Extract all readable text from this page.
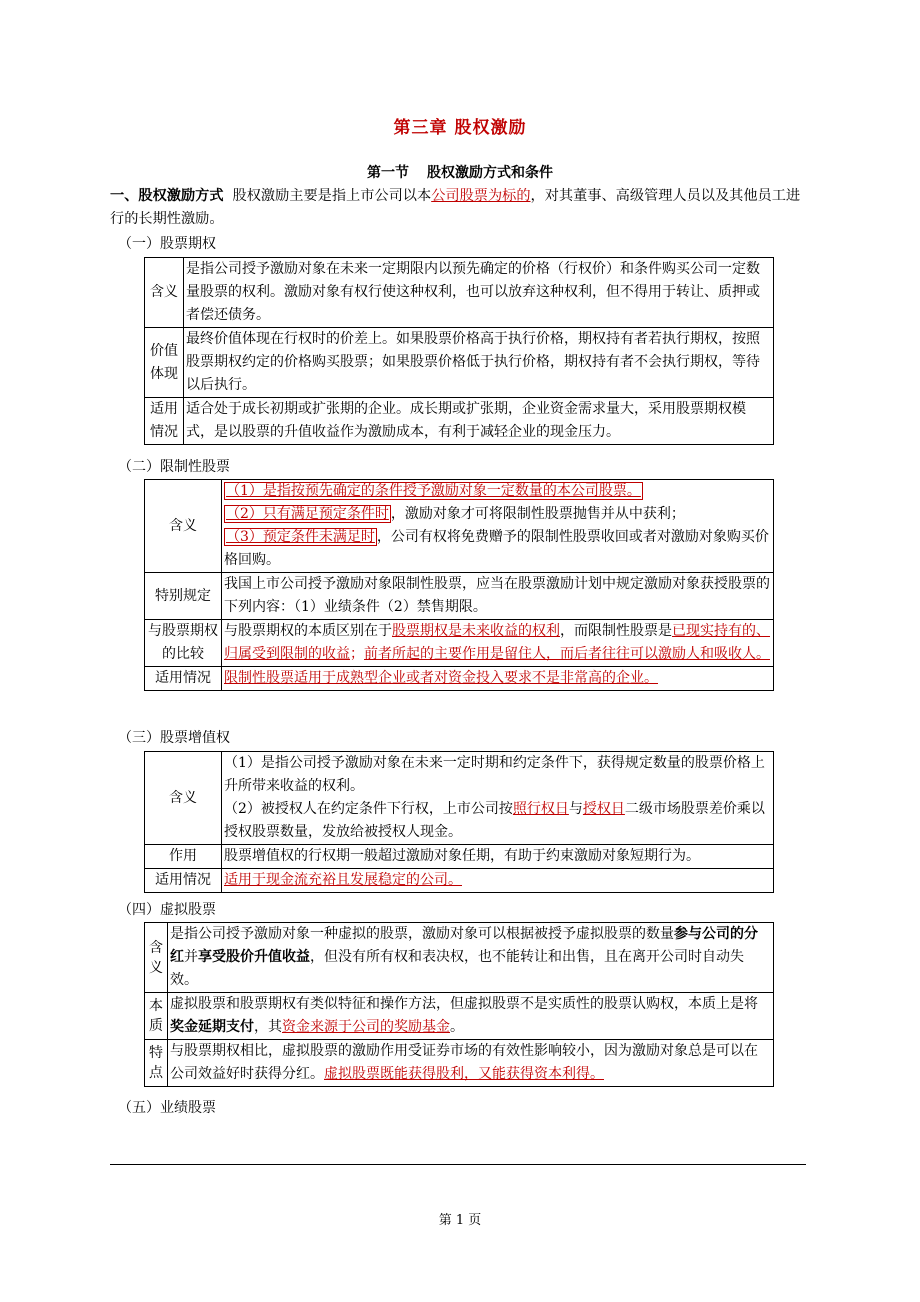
第三章 股权激励
第一节 股权激励方式和条件
一、股权激励方式 股权激励主要是指上市公司以本公司股票为标的，对其董事、高级管理人员以及其他员工进行的长期性激励。
（一）股票期权
含义	是指公司授予激励对象在未来一定期限内以预先确定的价格（行权价）和条件购买公司一定数量股票的权利。激励对象有权行使这种权利，也可以放弃这种权利，但不得用于转让、质押或者偿还债务。
价值体现	最终价值体现在行权时的价差上。如果股票价格高于执行价格，期权持有者若执行期权，按照股票期权约定的价格购买股票；如果股票价格低于执行价格，期权持有者不会执行期权，等待以后执行。
适用情况	适合处于成长初期或扩张期的企业。成长期或扩张期，企业资金需求量大，采用股票期权模式，是以股票的升值收益作为激励成本，有利于减轻企业的现金压力。
（二）限制性股票
含义	（1）是指按预先确定的条件授予激励对象一定数量的本公司股票。
（2）只有满足预定条件时 ，激励对象才可将限制性股票抛售并从中获利；
（3）预定条件未满足时 ，公司有权将免费赠予的限制性股票收回或者对激励对象购买价格回购。
特别规定	我国上市公司授予激励对象限制性股票，应当在股票激励计划中规定激励对象获授股票的下列内容：（1）业绩条件（2）禁售期限。
与股票期权的比较	与股票期权的本质区别在于股票期权是未来收益的权利，而限制性股票是已现实持有的、归属受到限制的收益；前者所起的主要作用是留住人，而后者往往可以激励人和吸收人。
适用情况	限制性股票适用于成熟型企业或者对资金投入要求不是非常高的企业。
（三）股票增值权
含义	（1）是指公司授予激励对象在未来一定时期和约定条件下，获得规定数量的股票价格上升所带来收益的权利。
（2）被授权人在约定条件下行权，上市公司按照行权日与授权日二级市场股票差价乘以授权股票数量，发放给被授权人现金。
作用	股票增值权的行权期一般超过激励对象任期，有助于约束激励对象短期行为。
适用情况	适用于现金流充裕且发展稳定的公司。
（四）虚拟股票
含义	是指公司授予激励对象一种虚拟的股票，激励对象可以根据被授予虚拟股票的数量参与公司的分红并享受股价升值收益，但没有所有权和表决权，也不能转让和出售，且在离开公司时自动失效。
本质	虚拟股票和股票期权有类似特征和操作方法，但虚拟股票不是实质性的股票认购权，本质上是将奖金延期支付，其资金来源于公司的奖励基金。
特点	与股票期权相比，虚拟股票的激励作用受证券市场的有效性影响较小，因为激励对象总是可以在公司效益好时获得分红。虚拟股票既能获得股利，又能获得资本利得。
（五）业绩股票
第 1 页
